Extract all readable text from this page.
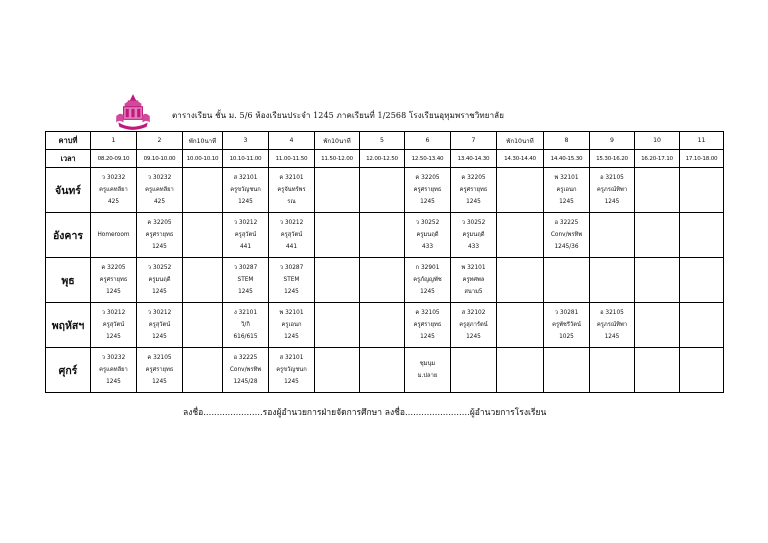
ตารางเรียน ชั้น ม. 5/6 ห้องเรียนประจำ 1245 ภาคเรียนที่ 1/2568 โรงเรียนอุทุมพราชวิทยาลัย
คาบที่	1	2	พัก10นาที	3	4	พัก10นาที	5	6	7	พัก10นาที	8	9	10	11
เวลา	08.20-09.10	09.10-10.00	10.00-10.10	10.10-11.00	11.00-11.50	11.50-12.00	12.00-12.50	12.50-13.40	13.40-14.30	14.30-14.40	14.40-15.30	15.30-16.20	16.20-17.10	17.10-18.00
จันทร์	ว 30232
ครูแคทลียา
425	ว 30232
ครูแคทลียา
425		ส 32101
ครูขวัญชนก
1245	ค 32101
ครูจันทร์พร
รณ			ค 32205
ครูศรายุทธ
1245	ค 32205
ครูศรายุทธ
1245		พ 32101
ครูเอนก
1245	อ 32105
ครูภรณ์ทิพา
1245		

อังคาร	Homeroom	ค 32205
ครูศรายุทธ
1245		ว 30212
ครูสุวัตน์
441	ว 30212
ครูสุวัตน์
441			ว 30252
ครูมนฤดี
433	ว 30252
ครูมนฤดี
433		อ 32225
Conv/พรทิพ
1245/36			

พุธ	ค 32205
ครูศรายุทธ
1245	ว 30252
ครูมนฤดี
1245		ว 30287
STEM
1245	ว 30287
STEM
1245			ก 32901
ครูภัญญพัช
1245	พ 32101
ครูทศพล
สนาม5					

พฤหัสฯ	ว 30212
ครูสุวัตน์
1245	ว 30212
ครูสุวัตน์
1245		ง 32101
วิ/กิ
616/615	พ 32101
ครูเอนก
1245			ค 32105
ครูศรายุทธ
1245	ส 32102
ครูสุภารัตน์
1245		ว 30281
ครูพัชรีวัตน์
1025	อ 32105
ครูภรณ์ทิพา
1245		

ศุกร์	ว 30232
ครูแคทลียา
1245	ค 32105
ครูศรายุทธ
1245		อ 32225
Conv/พรทิพ
1245/28	ส 32101
ครูขวัญชนก
1245			ชุมนุม
ม.ปลาย						

ลงชื่อ......................รองผู้อำนวยการฝ่ายจัดการศึกษา ลงชื่อ........................ผู้อำนวยการโรงเรียน
